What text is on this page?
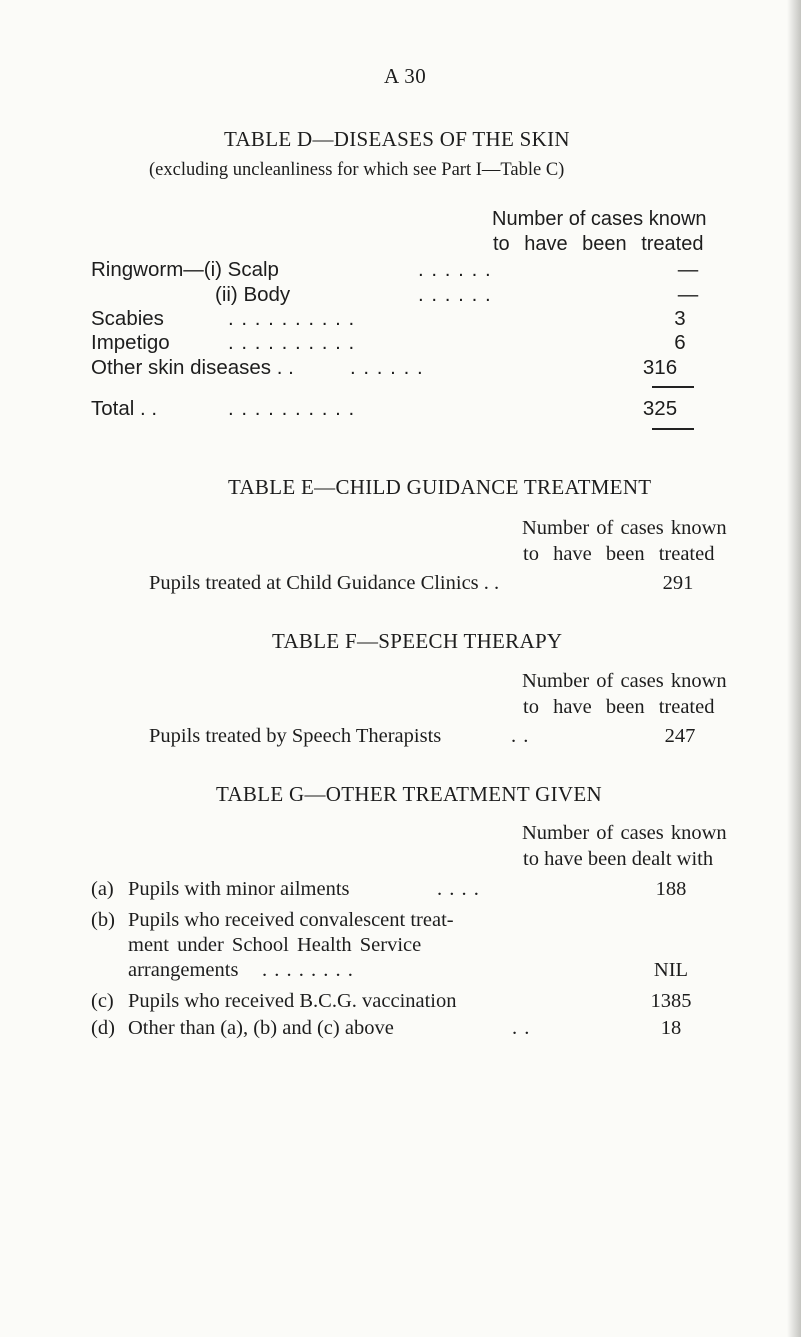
A 30
TABLE D—DISEASES OF THE SKIN
(excluding uncleanliness for which see Part I—Table C)
Number of cases known
to have been treated
Ringworm—(i) Scalp	. . . . . .	—
(ii) Body	. . . . . .	—
Scabies	. . . . . . . . . .	3
Impetigo	. . . . . . . . . .	6
Other skin diseases . .	. . . . . .	316
Total . .	. . . . . . . . . .	325
TABLE E—CHILD GUIDANCE TREATMENT
Number of cases known
to have been treated
Pupils treated at Child Guidance Clinics . .	291
TABLE F—SPEECH THERAPY
Number of cases known
to have been treated
Pupils treated by Speech Therapists	. .	247
TABLE G—OTHER TREATMENT GIVEN
Number of cases known
to have been dealt with
(a) Pupils with minor ailments	. . . .	188
(b) Pupils who received convalescent treat-
ment under School Health Service
arrangements . . . . . . . .	NIL
(c) Pupils who received B.C.G. vaccination	1385
(d) Other than (a), (b) and (c) above	. .	18
